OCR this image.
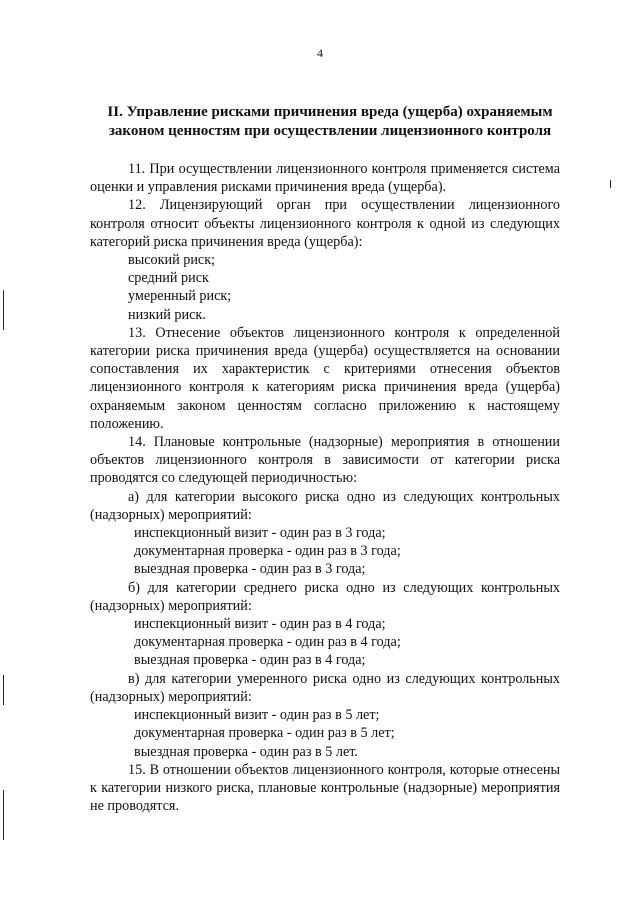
4
II. Управление рисками причинения вреда (ущерба) охраняемым
законом ценностям при осуществлении лицензионного контроля

11. При осуществлении лицензионного контроля применяется система оценки и управления рисками причинения вреда (ущерба).

12. Лицензирующий орган при осуществлении лицензионного контроля относит объекты лицензионного контроля к одной из следующих категорий риска причинения вреда (ущерба):

высокий риск;

средний риск

умеренный риск;

низкий риск.

13. Отнесение объектов лицензионного контроля к определенной категории риска причинения вреда (ущерба) осуществляется на основании сопоставления их характеристик с критериями отнесения объектов лицензионного контроля к категориям риска причинения вреда (ущерба) охраняемым законом ценностям согласно приложению к настоящему положению.

14. Плановые контрольные (надзорные) мероприятия в отношении объектов лицензионного контроля в зависимости от категории риска проводятся со следующей периодичностью:

а) для категории высокого риска одно из следующих контрольных (надзорных) мероприятий:

инспекционный визит - один раз в 3 года;

документарная проверка - один раз в 3 года;

выездная проверка - один раз в 3 года;

б) для категории среднего риска одно из следующих контрольных (надзорных) мероприятий:

инспекционный визит - один раз в 4 года;

документарная проверка - один раз в 4 года;

выездная проверка - один раз в 4 года;

в) для категории умеренного риска одно из следующих контрольных (надзорных) мероприятий:

инспекционный визит - один раз в 5 лет;

документарная проверка - один раз в 5 лет;

выездная проверка - один раз в 5 лет.

15. В отношении объектов лицензионного контроля, которые отнесены к категории низкого риска, плановые контрольные (надзорные) мероприятия не проводятся.
